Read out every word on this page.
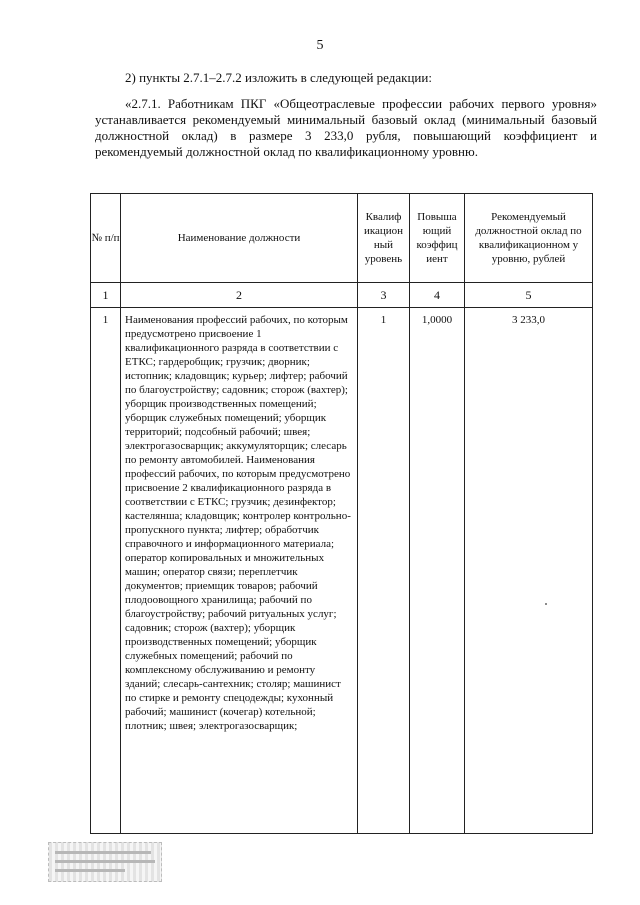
5
2) пункты 2.7.1–2.7.2 изложить в следующей редакции:
«2.7.1. Работникам ПКГ «Общеотраслевые профессии рабочих первого уровня» устанавливается рекомендуемый минимальный базовый оклад (минимальный базовый должностной оклад) в размере 3 233,0 рубля, повышающий коэффициент и рекомендуемый должностной оклад по квалификационному уровню.
№ п/п	Наименование должности	Квалиф икацион ный уровень	Повыша ющий коэффиц иент	Рекомендуемый должностной оклад по квалификационном у уровню, рублей
1	2	3	4	5
1	Наименования профессий рабочих, по которым предусмотрено присвоение 1 квалификационного разряда в соответствии с ЕТКС; гардеробщик; грузчик; дворник; истопник; кладовщик; курьер; лифтер; рабочий по благоустройству; садовник; сторож (вахтер); уборщик производственных помещений; уборщик служебных помещений; уборщик территорий; подсобный рабочий; швея; электрогазосварщик; аккумуляторщик; слесарь по ремонту автомобилей. Наименования профессий рабочих, по которым предусмотрено присвоение 2 квалификационного разряда в соответствии с ЕТКС; грузчик; дезинфектор; кастелянша; кладовщик; контролер контрольно-пропускного пункта; лифтер; обработчик справочного и информационного материала; оператор копировальных и множительных машин; оператор связи; переплетчик документов; приемщик товаров; рабочий плодоовощного хранилища; рабочий по благоустройству; рабочий ритуальных услуг; садовник; сторож (вахтер); уборщик производственных помещений; уборщик служебных помещений; рабочий по комплексному обслуживанию и ремонту зданий; слесарь-сантехник; столяр; машинист по стирке и ремонту спецодежды; кухонный рабочий; машинист (кочегар) котельной; плотник; швея; электрогазосварщик;	1	1,0000	3 233,0
